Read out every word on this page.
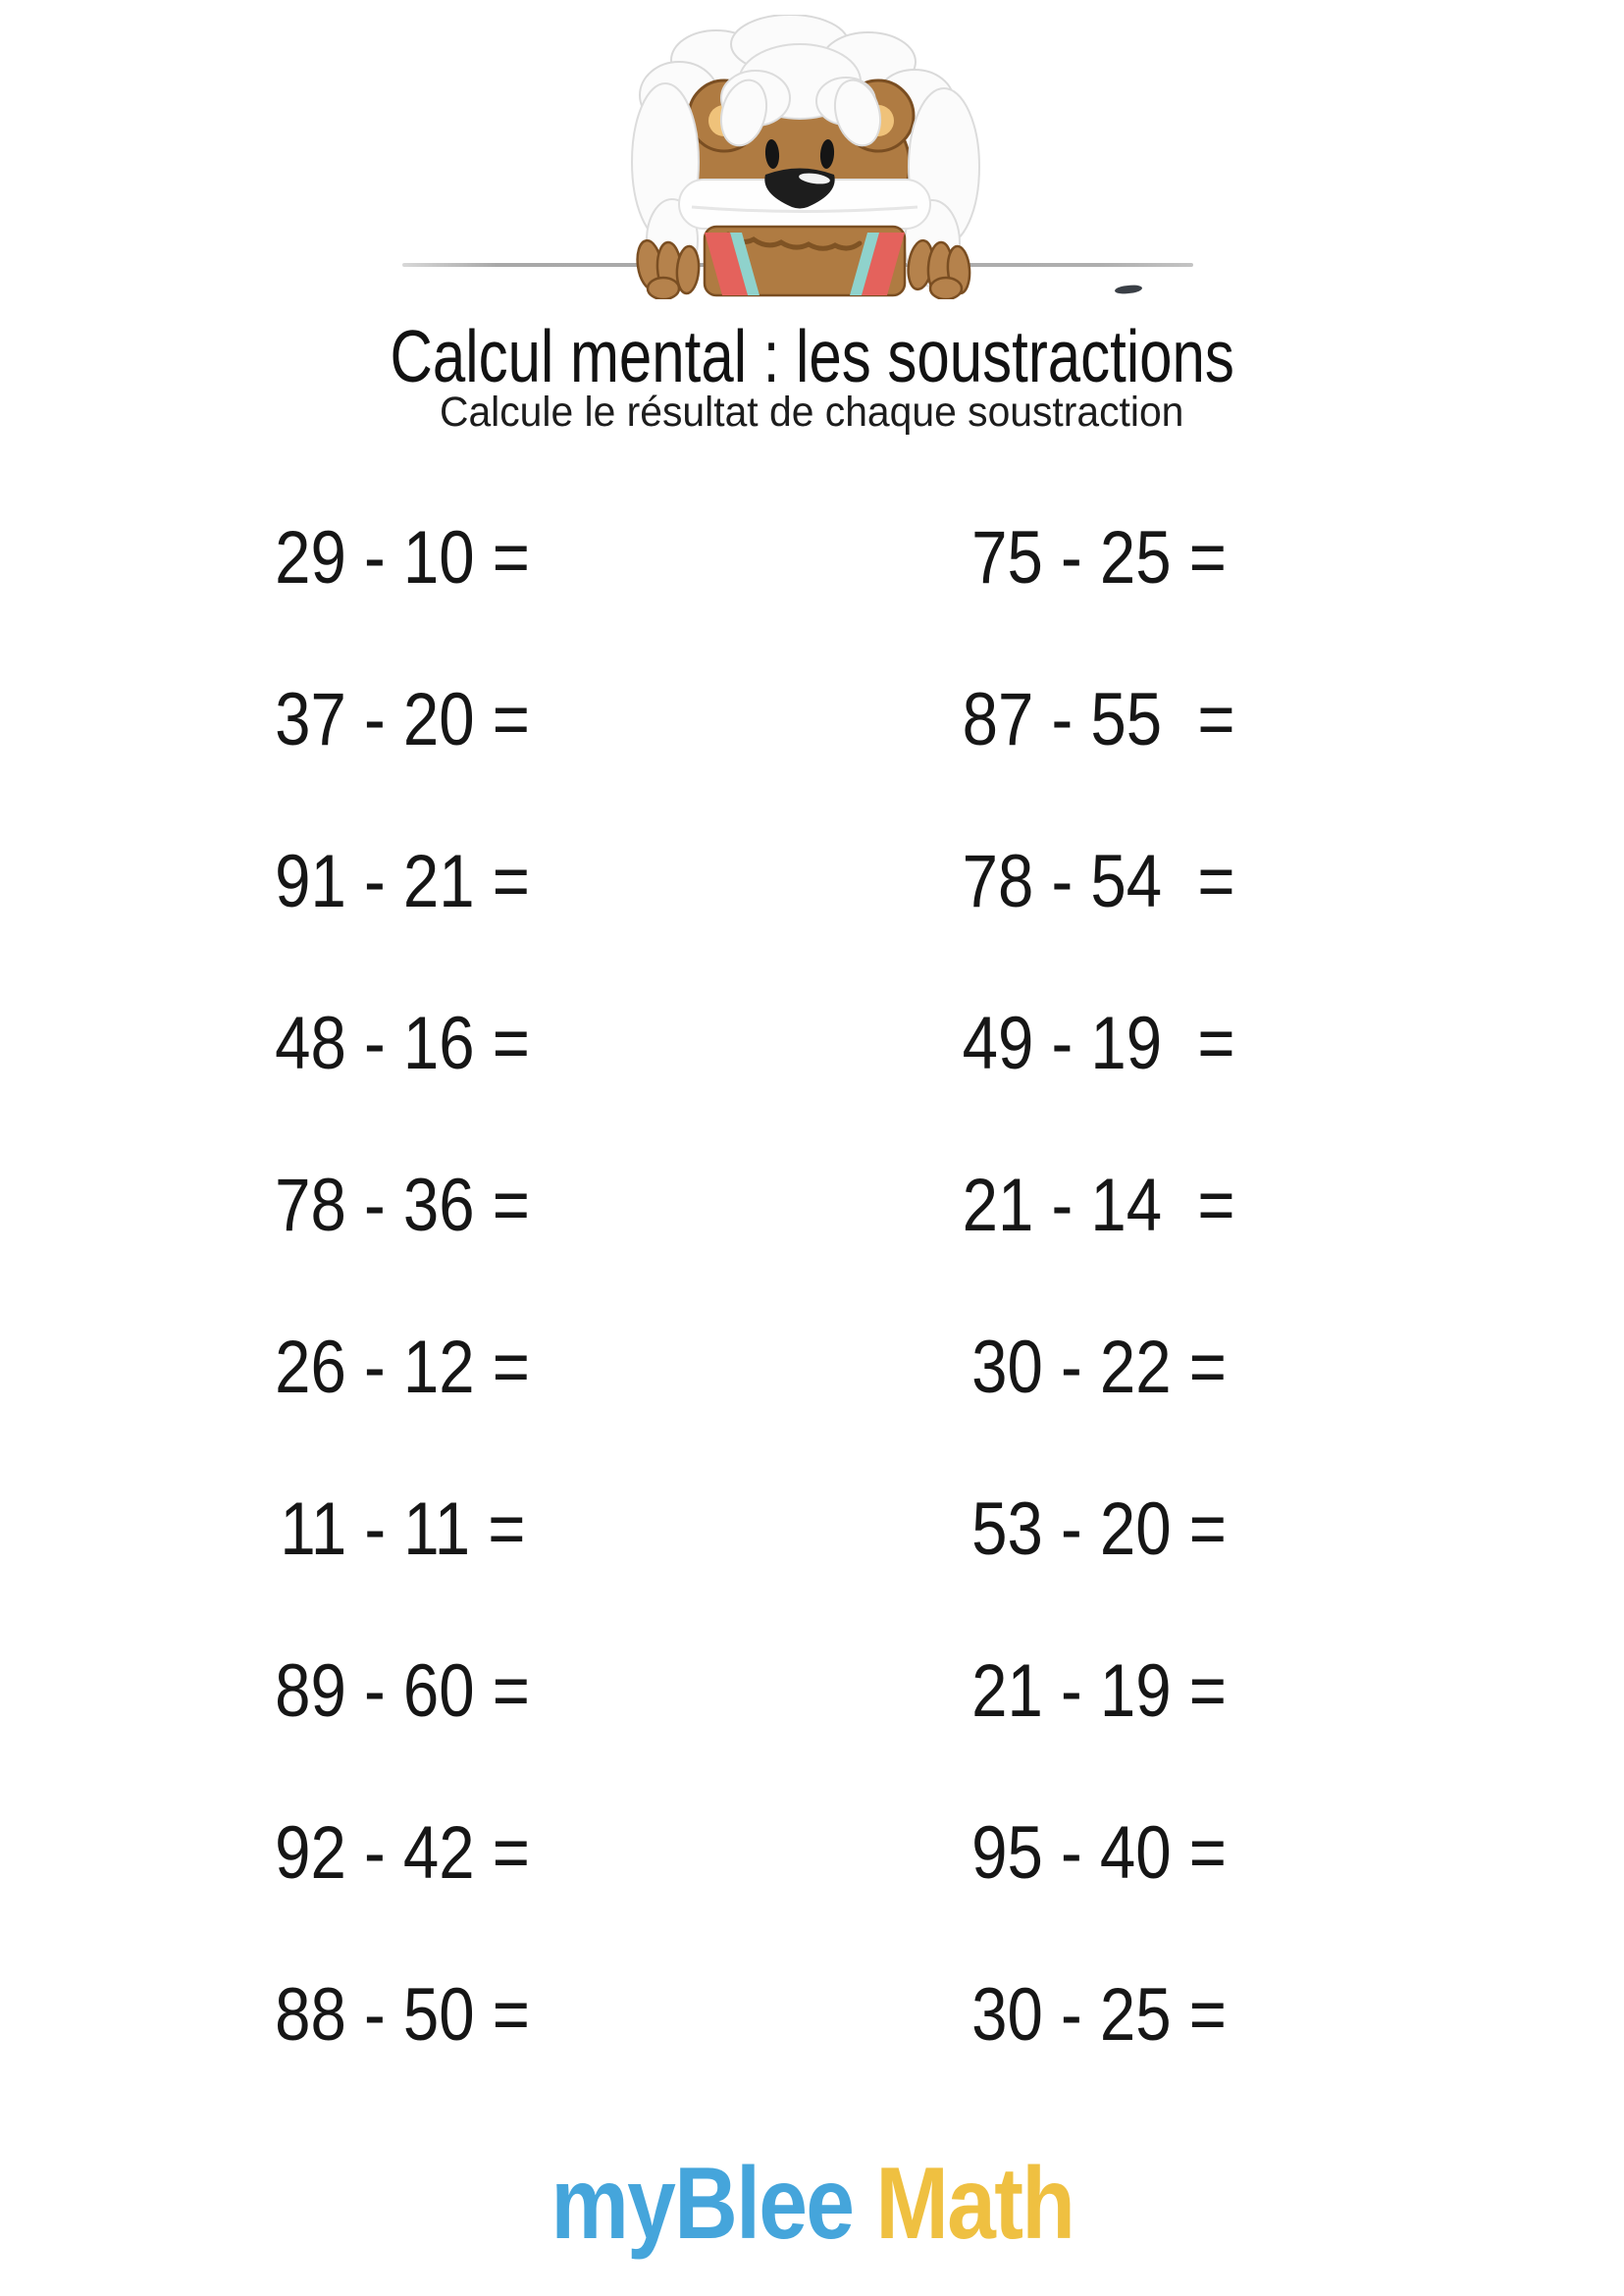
Calcul mental : les soustractions
Calcule le résultat de chaque soustraction
29 - 10 =
37 - 20 =
91 - 21 =
48 - 16 =
78 - 36 =
26 - 12 =
11 - 11 =
89 - 60 =
92 - 42 =
88 - 50 =
75 - 25 =
87 - 55  =
78 - 54  =
49 - 19  =
21 - 14  =
30 - 22 =
53 - 20 =
21 - 19 =
95 - 40 =
30 - 25 =
myBlee Math
